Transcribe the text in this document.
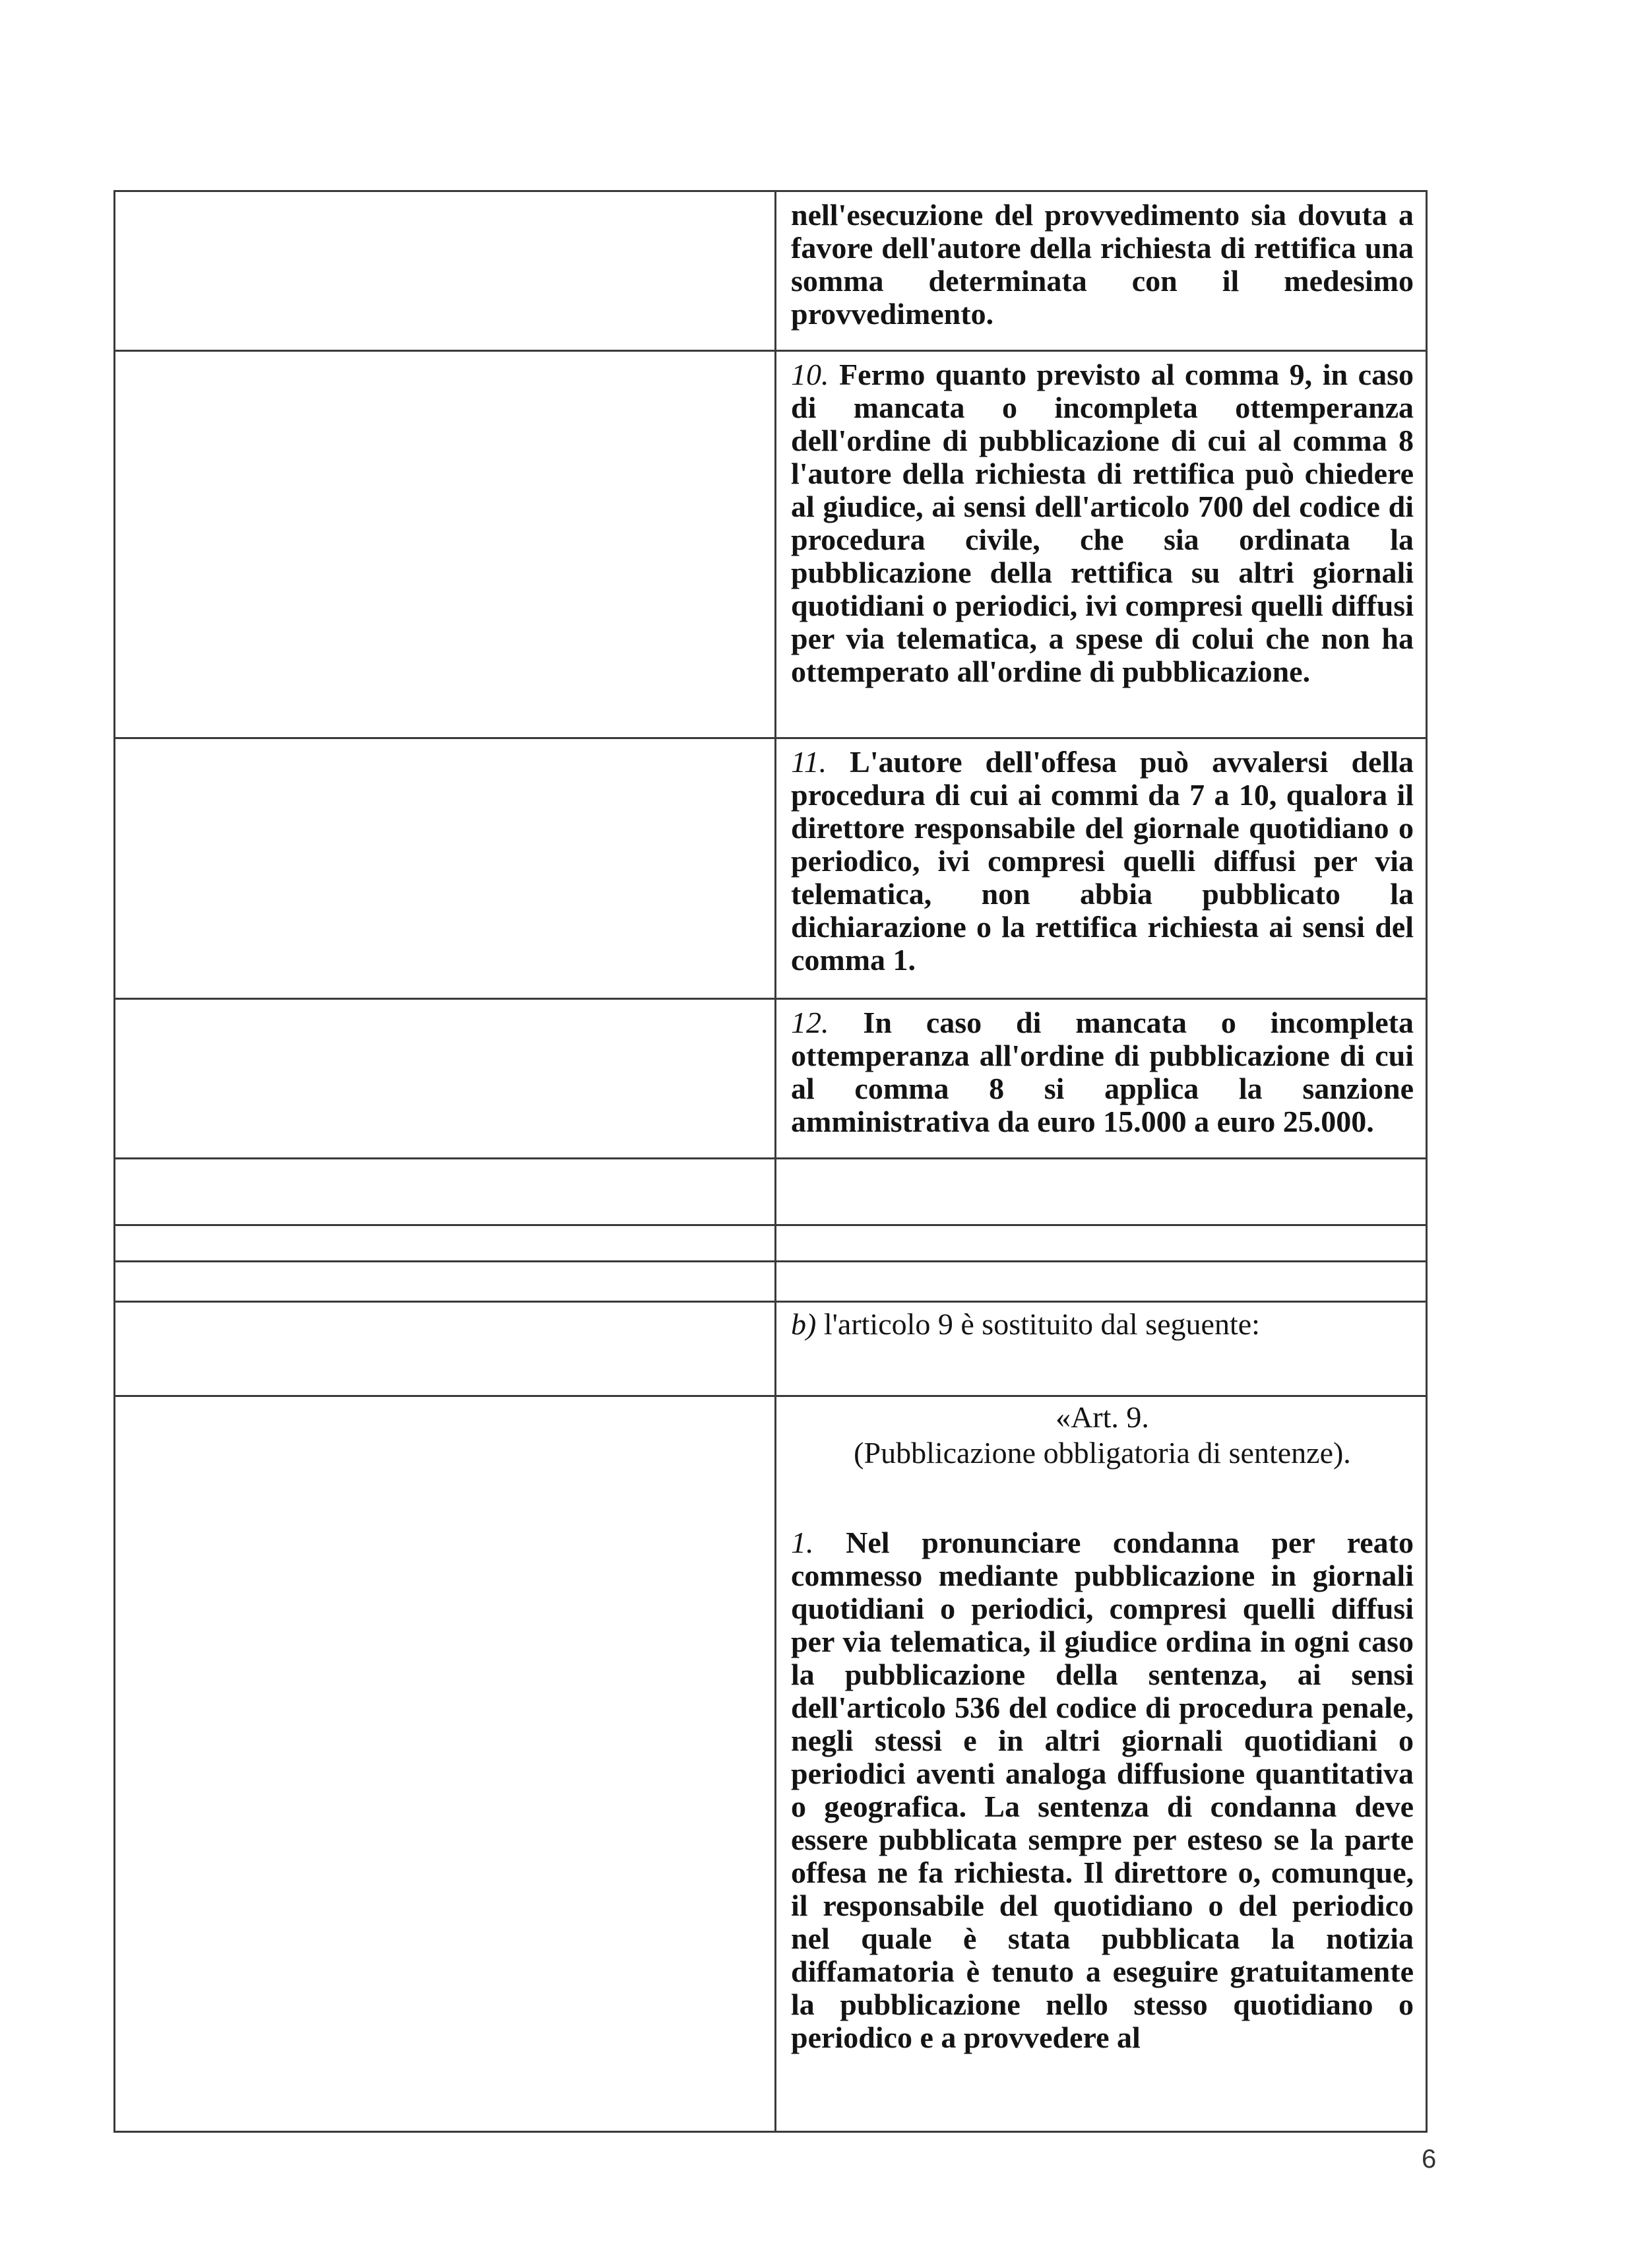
nell'esecuzione del provvedimento sia dovuta a favore dell'autore della richiesta di rettifica una somma determinata con il medesimo provvedimento.
10. Fermo quanto previsto al comma 9, in caso di mancata o incompleta ottemperanza dell'ordine di pubblicazione di cui al comma 8 l'autore della richiesta di rettifica può chiedere al giudice, ai sensi dell'articolo 700 del codice di procedura civile, che sia ordinata la pubblicazione della rettifica su altri giornali quotidiani o periodici, ivi compresi quelli diffusi per via telematica, a spese di colui che non ha ottemperato all'ordine di pubblicazione.
11. L'autore dell'offesa può avvalersi della procedura di cui ai commi da 7 a 10, qualora il direttore responsabile del giornale quotidiano o periodico, ivi compresi quelli diffusi per via telematica, non abbia pubblicato la dichiarazione o la rettifica richiesta ai sensi del comma 1.
12. In caso di mancata o incompleta ottemperanza all'ordine di pubblicazione di cui al comma 8 si applica la sanzione amministrativa da euro 15.000 a euro 25.000.
b) l'articolo 9 è sostituito dal seguente:
«Art. 9.
(Pubblicazione obbligatoria di sentenze).
1. Nel pronunciare condanna per reato commesso mediante pubblicazione in giornali quotidiani o periodici, compresi quelli diffusi per via telematica, il giudice ordina in ogni caso la pubblicazione della sentenza, ai sensi dell'articolo 536 del codice di procedura penale, negli stessi e in altri giornali quotidiani o periodici aventi analoga diffusione quantitativa o geografica. La sentenza di condanna deve essere pubblicata sempre per esteso se la parte offesa ne fa richiesta. Il direttore o, comunque, il responsabile del quotidiano o del periodico nel quale è stata pubblicata la notizia diffamatoria è tenuto a eseguire gratuitamente la pubblicazione nello stesso quotidiano o periodico e a provvedere al
6
